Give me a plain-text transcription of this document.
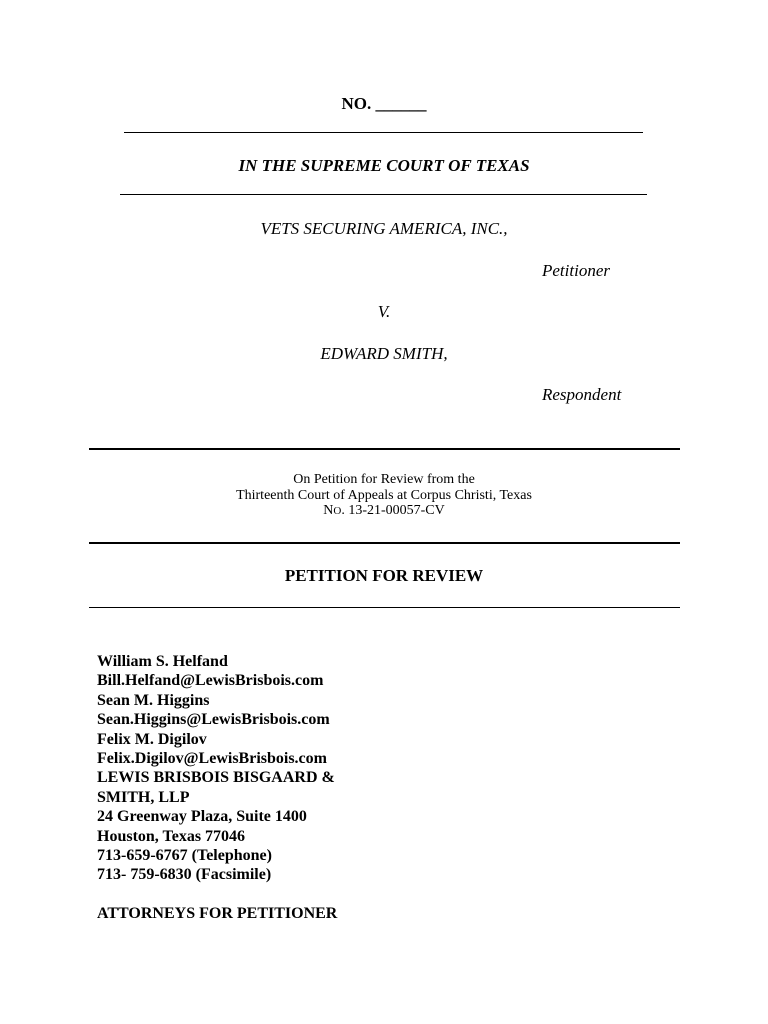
NO. ______
IN THE SUPREME COURT OF TEXAS
VETS SECURING AMERICA, INC.,
Petitioner
V.
EDWARD SMITH,
Respondent
On Petition for Review from the
Thirteenth Court of Appeals at Corpus Christi, Texas
NO. 13-21-00057-CV
PETITION FOR REVIEW
William S. Helfand
Bill.Helfand@LewisBrisbois.com
Sean M. Higgins
Sean.Higgins@LewisBrisbois.com
Felix M. Digilov
Felix.Digilov@LewisBrisbois.com
LEWIS BRISBOIS BISGAARD &
SMITH, LLP
24 Greenway Plaza, Suite 1400
Houston, Texas 77046
713-659-6767 (Telephone)
713- 759-6830 (Facsimile)
ATTORNEYS FOR PETITIONER
